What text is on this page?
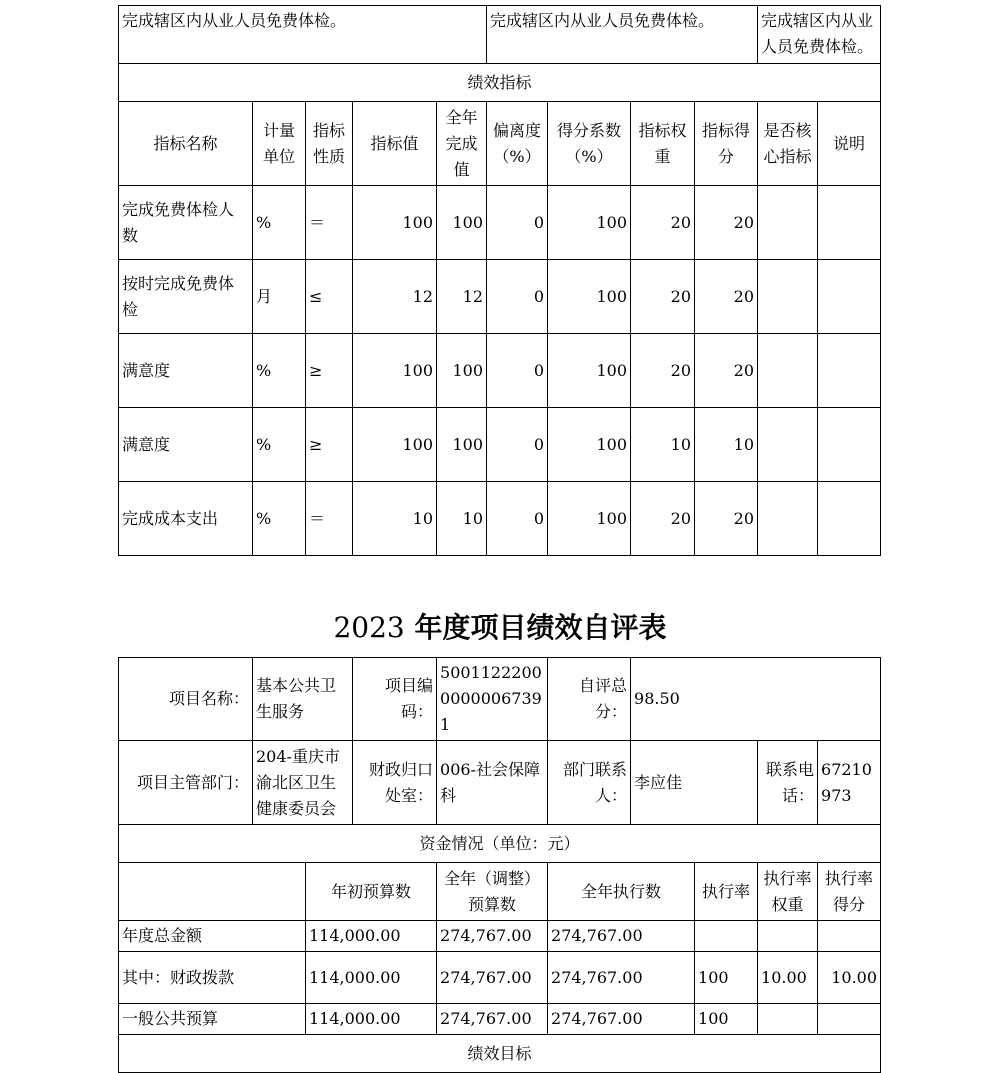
完成辖区内从业人员免费体检。					完成辖区内从业人员免费体检。				完成辖区内从业人员免费体检。	
绩效指标										
指标名称	计量单位	指标性质	指标值	全年完成值	偏离度（%）	得分系数（%）	指标权重	指标得分	是否核心指标	说明
完成免费体检人数	%	＝	100	100	0	100	20	20		
按时完成免费体检	月	≤	12	12	0	100	20	20		
满意度	%	≥	100	100	0	100	20	20		
满意度	%	≥	100	100	0	100	10	10		
完成成本支出	%	＝	10	10	0	100	20	20		
2023 年度项目绩效自评表
项目名称：	基本公共卫生服务		项目编码：	500112220000000067391	自评总分：	98.50			
项目主管部门：	204-重庆市渝北区卫生健康委员会		财政归口处室：	006-社会保障科	部门联系人：	李应佳		联系电话：	67210973
资金情况（单位：元）									
		年初预算数		全年（调整）预算数	全年执行数		执行率	执行率权重	执行率得分
年度总金额		114,000.00		274,767.00	274,767.00				
其中：财政拨款		114,000.00		274,767.00	274,767.00		100	10.00	10.00
一般公共预算		114,000.00		274,767.00	274,767.00		100		
绩效目标									
